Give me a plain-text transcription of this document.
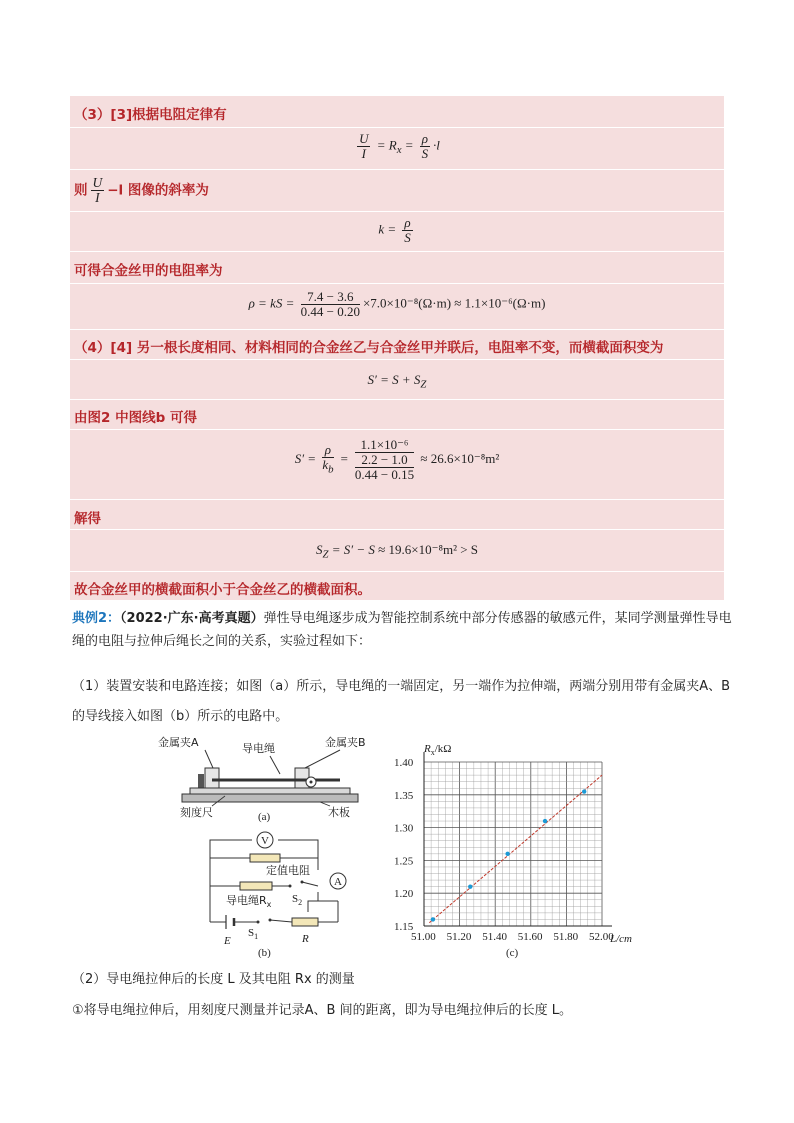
（3）[3]根据电阻定律有
$\frac{U}{I} = R_x = \frac{\rho}{S} \cdot l$
则 $\frac{U}{I} -l$ 图像的斜率为
$k = \frac{\rho}{S}$
可得合金丝甲的电阻率为
ρ = kS = $\frac{7.4 - 3.6}{0.44 - 0.20} \times 7.0\times 10^{-8}(\Omega\cdot m) \approx 1.1\times 10^{-6}(\Omega\cdot m)$
（4）[4] 另一根长度相同、材料相同的合金丝乙与合金丝甲并联后，电阻率不变，而横截面积变为
$S' = S + S_Z$
由图2 中图线b 可得
$S' = \frac{\rho}{k_b} = \frac{\text{1.1×10⁻⁶}}{\frac{2.2 - 1.0}{0.44 - 0.15}} \approx 26.6\times 10^{-8}m^2$
解得
$S_Z = S' - S \approx 19.6\times 10^{-8}m^2 > S$
故合金丝甲的横截面积小于合金丝乙的横截面积。
典例2：（2022·广东·高考真题）弹性导电绳逐步成为智能控制系统中部分传感器的敏感元件，某同学测量弹性导电绳的电阻与拉伸后绳长之间的关系，实验过程如下：
（1）装置安装和电路连接；如图（a）所示，导电绳的一端固定，另一端作为拉伸端，两端分别用带有金属夹A、B 的导线接入如图（b）所示的电路中。
金属夹A	导电绳	金属夹B
刻度尺	木板
(a)
V
定值电阻
A
导电绳$R_x$ $S_2$
E
$S_1$	R
(b)
$R_x/k\Omega$
51.00 51.20 51.40 51.60 51.80 52.00
1.15
1.20
1.25
1.30
1.35
1.40
L/cm
(c)
（2）导电绳拉伸后的长度 L 及其电阻 Rx 的测量
①将导电绳拉伸后，用刻度尺测量并记录A、B 间的距离，即为导电绳拉伸后的长度 L。
